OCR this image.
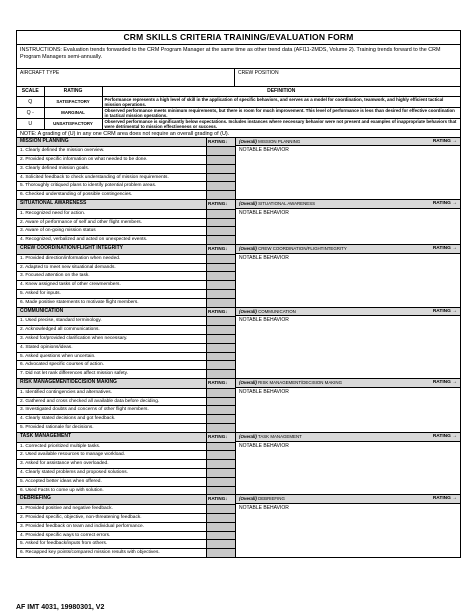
CRM SKILLS CRITERIA TRAINING/EVALUATION FORM
INSTRUCTIONS: Evaluation trends forwarded to the CRM Program Manager at the same time as other trend data (AFI11-2MDS, Volume 2). Training trends forward to the CRM Program Managers semi-annually.
AIRCRAFT TYPE	CREW POSITION
SCALE	RATING	DEFINITION
Q	SATISFACTORY	Performance represents a high level of skill in the application of specific behaviors, and serves as a model for coordination, teamwork, and highly efficient tactical mission operations.
Q -	MARGINAL	Observed performance meets minimum requirements, but there is room for much improvement. This level of performance is less than desired for effective coordination in tactical mission operations.
U	UNSATISFACTORY	Observed performance is significantly below expectations. Includes instances where necessary behavior were not present and examples of inappropriate behaviors that were detrimental to mission effectiveness or success.
NOTE: A grading of (U) in any one CRM area does not require an overall grading of (U).
MISSION PLANNING	RATING↓
1. Clearly defined the mission overview.
2. Provided specific information on what needed to be done.
3. Clearly defined mission goals.
4. Solicited feedback to check understanding of mission requirements.
5. Thoroughly critiqued plans to identify potential problem areas.
6. Checked understanding of possible contingencies.
(Overall) MISSION PLANNING	RATING →
NOTABLE BEHAVIOR
SITUATIONAL AWARENESS	RATING↓
1. Recognized need for action.
2. Aware of performance of self and other flight members.
3. Aware of on-going mission status
4. Recognized, verbalized and acted on unexpected events.
(Overall) SITUATIONAL AWARENESS	RATING →
NOTABLE BEHAVIOR
CREW COORDINATION/FLIGHT INTEGRITY	RATING↓
1. Provided direction/information when needed.
2. Adapted to meet new situational demands.
3. Focused attention on the task.
4. Knew assigned tasks of other crewmembers.
5. Asked for inputs.
6. Made positive statements to motivate flight members.
(Overall) CREW COORDINATION/FLIGHTINTEGRITY	RATING →
NOTABLE BEHAVIOR
COMMUNICATION	RATING↓
1. Used precise, standard terminology.
2. Acknowledged all communications.
3. Asked for/provided clarification when necessary.
4. Stated opinions/ideas.
5. Asked questions when uncertain.
6. Advocated specific courses of action.
7. Did not let rank differences affect mission safety.
(Overall) COMMUNICATION	RATING →
NOTABLE BEHAVIOR
RISK MANAGEMENT/DECISION MAKING	RATING↓
1. Identified contingencies and alternatives.
2. Gathered and cross checked all available data before deciding.
3. Investigated doubts and concerns of other flight members.
4. Clearly stated decisions and got feedback.
5. Provided rationale for decisions.
(Overall) RISK MANAGEMENT/DECISION MAKING	RATING →
NOTABLE BEHAVIOR
TASK MANAGEMENT	RATING↓
1. Corrected prioritized multiple tasks.
2. Used available resources to manage workload.
3. Asked for assistance when overloaded.
4. Clearly stated problems and proposed solutions.
5. Accepted better ideas when offered.
6. Used Facts to come up with solution.
(Overall) TASK MANAGEMENT	RATING →
NOTABLE BEHAVIOR
DEBRIEFING	RATING↓
1. Provided positive and negative feedback.
2. Provided specific, objective, non-threatening feedback.
3. Provided feedback on team and individual performance.
4. Provided specific ways to correct errors.
5. Asked for feedback/inputs from others.
6. Recapped key points/compared mission results with objectives.
(Overall) DEBRIEFING	RATING →
NOTABLE BEHAVIOR
AF IMT 4031, 19980301, V2
